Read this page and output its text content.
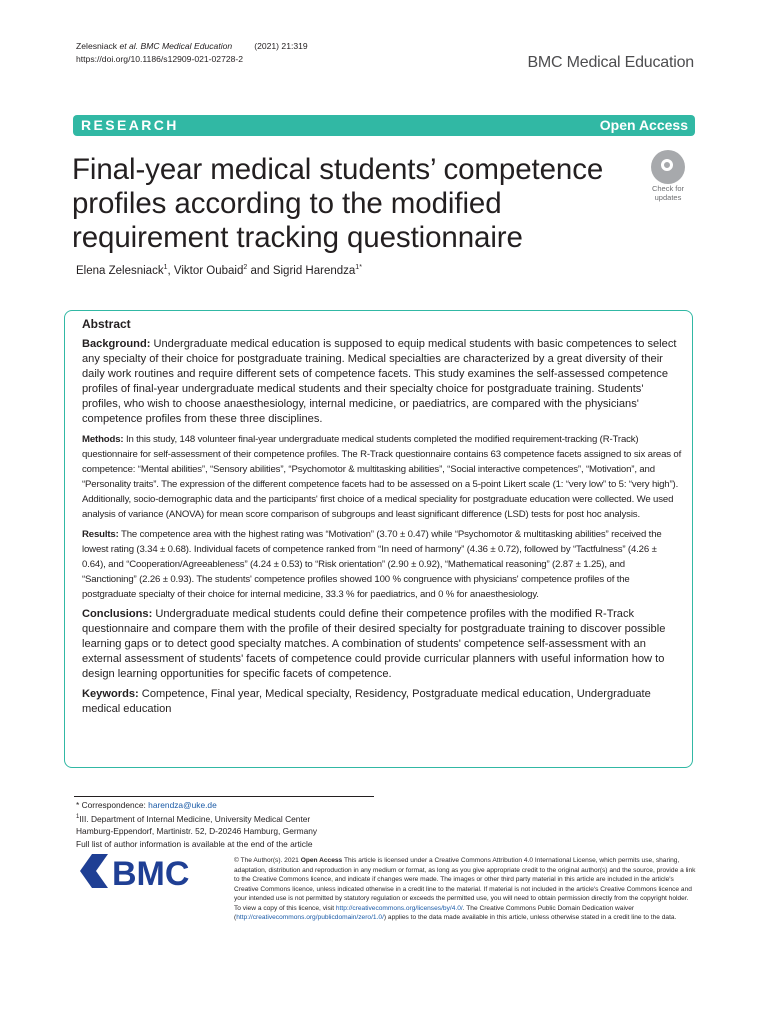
Zelesniack et al. BMC Medical Education	(2021) 21:319
https://doi.org/10.1186/s12909-021-02728-2	BMC Medical Education
RESEARCH	Open Access
Final-year medical students’ competence profiles according to the modified requirement tracking questionnaire
Check for
updates
Elena Zelesniack$^1$, Viktor Oubaid$^2$ and Sigrid Harendza$^{1*}$
Abstract

Background: Undergraduate medical education is supposed to equip medical students with basic competences to select any specialty of their choice for postgraduate training. Medical specialties are characterized by a great diversity of their daily work routines and require different sets of competence facets. This study examines the self-assessed competence profiles of final-year undergraduate medical students and their specialty choice for postgraduate training. Students' profiles, who wish to choose anaesthesiology, internal medicine, or paediatrics, are compared with the physicians' competence profiles from these three disciplines.

Methods: In this study, 148 volunteer final-year undergraduate medical students completed the modified requirement-tracking (R-Track) questionnaire for self-assessment of their competence profiles. The R-Track questionnaire contains 63 competence facets assigned to six areas of competence: “Mental abilities”, “Sensory abilities”, “Psychomotor & multitasking abilities”, “Social interactive competences”, “Motivation”, and “Personality traits”. The expression of the different competence facets had to be assessed on a 5-point Likert scale (1: “very low” to 5: “very high”). Additionally, socio-demographic data and the participants' first choice of a medical speciality for postgraduate education were collected. We used analysis of variance (ANOVA) for mean score comparison of subgroups and least significant difference (LSD) tests for post hoc analysis.

Results: The competence area with the highest rating was “Motivation” (3.70 ± 0.47) while “Psychomotor & multitasking abilities” received the lowest rating (3.34 ± 0.68). Individual facets of competence ranked from “In need of harmony” (4.36 ± 0.72), followed by “Tactfulness” (4.26 ± 0.64), and “Cooperation/Agreeableness” (4.24 ± 0.53) to “Risk orientation” (2.90 ± 0.92), “Mathematical reasoning” (2.87 ± 1.25), and “Sanctioning” (2.26 ± 0.93). The students' competence profiles showed 100 % congruence with physicians' competence profiles of the postgraduate specialty of their choice for internal medicine, 33.3 % for paediatrics, and 0 % for anaesthesiology.

Conclusions: Undergraduate medical students could define their competence profiles with the modified R-Track questionnaire and compare them with the profile of their desired specialty for postgraduate training to discover possible learning gaps or to detect good specialty matches. A combination of students' competence self-assessment with an external assessment of students' facets of competence could provide curricular planners with useful information how to design learning opportunities for specific facets of competence.

Keywords: Competence, Final year, Medical specialty, Residency, Postgraduate medical education, Undergraduate medical education

* Correspondence: harendza@uke.de
$^1$III. Department of Internal Medicine, University Medical Center
Hamburg-Eppendorf, Martinistr. 52, D-20246 Hamburg, Germany
Full list of author information is available at the end of the article
BMC	© The Author(s). 2021 Open Access This article is licensed under a Creative Commons Attribution 4.0 International License, which permits use, sharing, adaptation, distribution and reproduction in any medium or format, as long as you give appropriate credit to the original author(s) and the source, provide a link to the Creative Commons licence, and indicate if changes were made. The images or other third party material in this article are included in the article's Creative Commons licence, unless indicated otherwise in a credit line to the material. If material is not included in the article's Creative Commons licence and your intended use is not permitted by statutory regulation or exceeds the permitted use, you will need to obtain permission directly from the copyright holder. To view a copy of this licence, visit http://creativecommons.org/licenses/by/4.0/. The Creative Commons Public Domain Dedication waiver (http://creativecommons.org/publicdomain/zero/1.0/) applies to the data made available in this article, unless otherwise stated in a credit line to the data.
